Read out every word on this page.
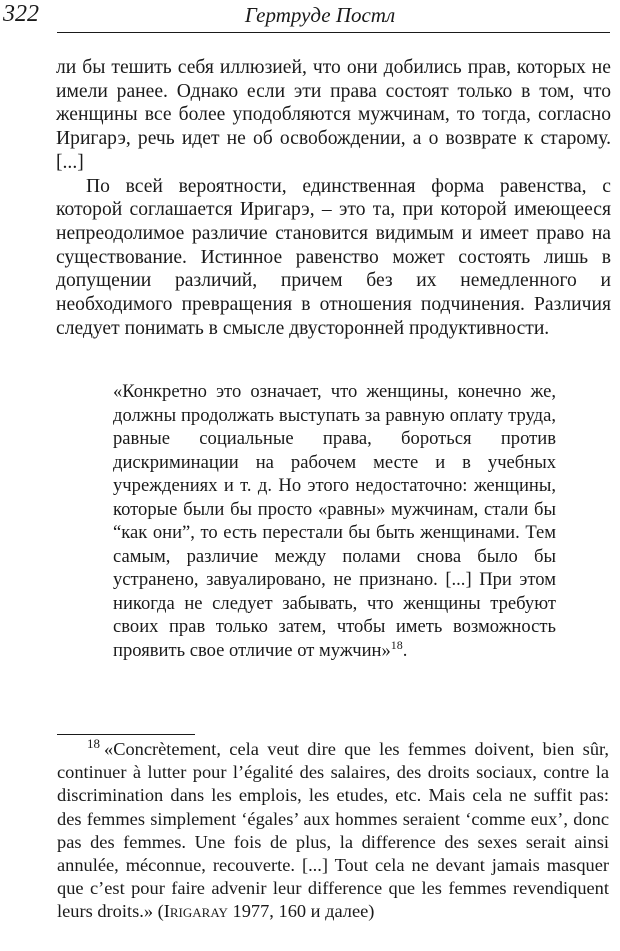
322	Гертруде Постл

ли бы тешить себя иллюзией, что они добились прав, которых не имели ранее. Однако если эти права состоят только в том, что женщины все более уподобляются мужчинам, то тогда, согласно Иригарэ, речь идет не об освобождении, а о возврате к старому. [...]

По всей вероятности, единственная форма равенства, с которой соглашается Иригарэ, – это та, при которой имеющееся непреодолимое различие становится видимым и имеет право на существование. Истинное равенство может состоять лишь в допущении различий, причем без их немедленного и необходимого превращения в отношения подчинения. Различия следует понимать в смысле двусторонней продуктивности.

«Конкретно это означает, что женщины, конечно же, должны продолжать выступать за равную оплату труда, равные социальные права, бороться против дискриминации на рабочем месте и в учебных учреждениях и т. д. Но этого недостаточно: женщины, которые были бы просто «равны» мужчинам, стали бы “как они”, то есть перестали бы быть женщинами. Тем самым, различие между полами снова было бы устранено, завуалировано, не признано. [...] При этом никогда не следует забывать, что женщины требуют своих прав только затем, чтобы иметь возможность проявить свое отличие от мужчин»$^{18}$.
$^{18}$ «Concrètement, cela veut dire que les femmes doivent, bien sûr, continuer à lutter pour l’égalité des salaires, des droits sociaux, contre la discrimination dans les emplois, les etudes, etc. Mais cela ne suffit pas: des femmes simplement ‘égales’ aux hommes seraient ‘comme eux’, donc pas des femmes. Une fois de plus, la difference des sexes serait ainsi annulée, méconnue, recouverte. [...] Tout cela ne devant jamais masquer que c’est pour faire advenir leur difference que les femmes revendiquent leurs droits.» (Irigaray 1977, 160 и далее)
